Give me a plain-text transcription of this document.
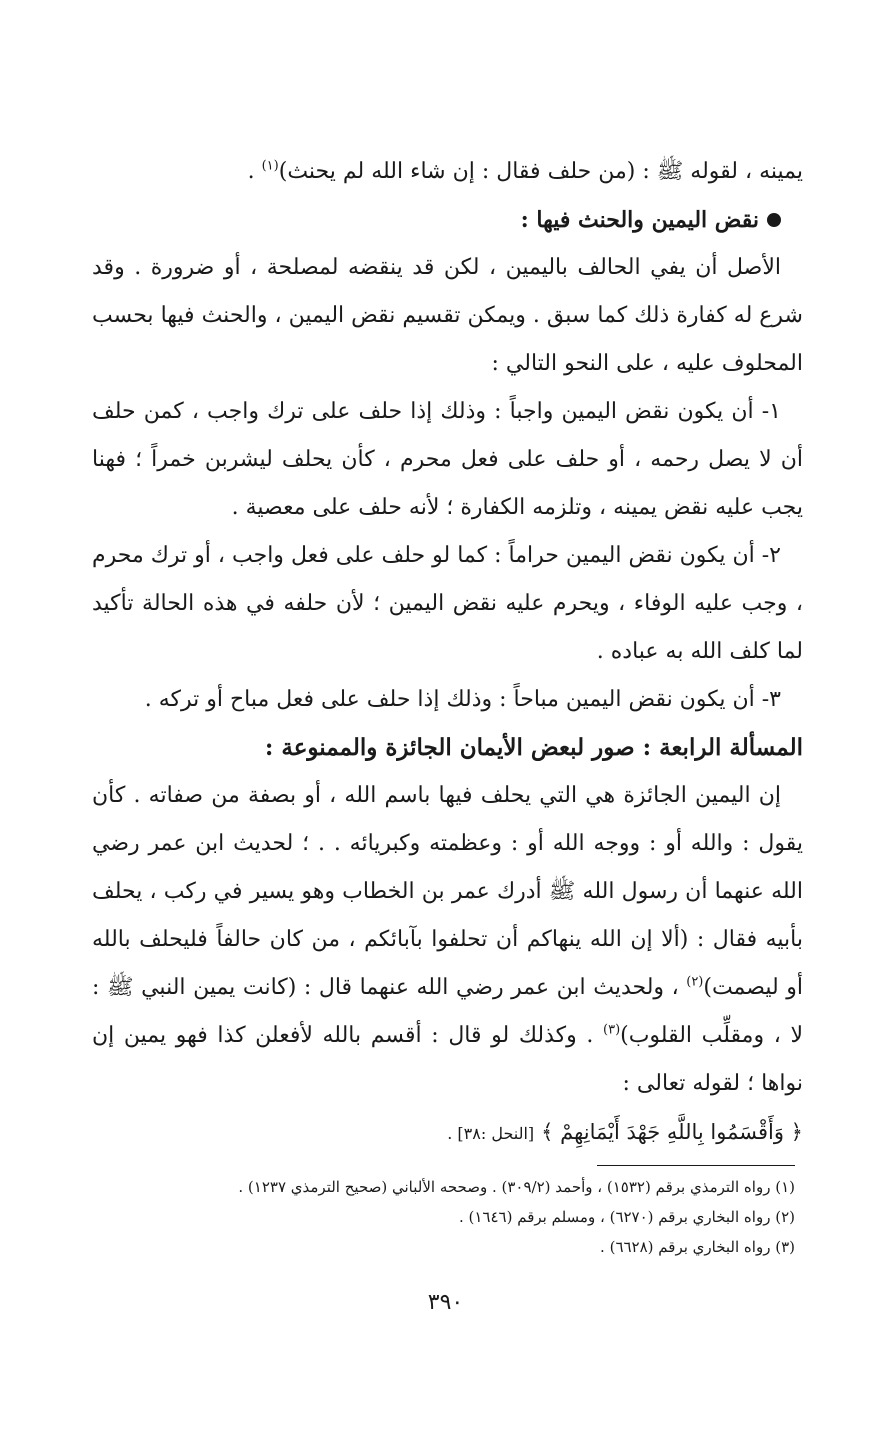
يمينه ، لقوله ﷺ : (من حلف فقال : إن شاء الله لم يحنث)$^{(١)}$ .

نقض اليمين والحنث فيها :

الأصل أن يفي الحالف باليمين ، لكن قد ينقضه لمصلحة ، أو ضرورة . وقد شرع له كفارة ذلك كما سبق . ويمكن تقسيم نقض اليمين ، والحنث فيها بحسب المحلوف عليه ، على النحو التالي :

١- أن يكون نقض اليمين واجباً : وذلك إذا حلف على ترك واجب ، كمن حلف أن لا يصل رحمه ، أو حلف على فعل محرم ، كأن يحلف ليشربن خمراً ؛ فهنا يجب عليه نقض يمينه ، وتلزمه الكفارة ؛ لأنه حلف على معصية .

٢- أن يكون نقض اليمين حراماً : كما لو حلف على فعل واجب ، أو ترك محرم ، وجب عليه الوفاء ، ويحرم عليه نقض اليمين ؛ لأن حلفه في هذه الحالة تأكيد لما كلف الله به عباده .

٣- أن يكون نقض اليمين مباحاً : وذلك إذا حلف على فعل مباح أو تركه .

المسألة الرابعة : صور لبعض الأيمان الجائزة والممنوعة :

إن اليمين الجائزة هي التي يحلف فيها باسم الله ، أو بصفة من صفاته . كأن يقول : والله أو : ووجه الله أو : وعظمته وكبريائه . . ؛ لحديث ابن عمر رضي الله عنهما أن رسول الله ﷺ أدرك عمر بن الخطاب وهو يسير في ركب ، يحلف بأبيه فقال : (ألا إن الله ينهاكم أن تحلفوا بآبائكم ، من كان حالفاً فليحلف بالله أو ليصمت)$^{(٢)}$ ، ولحديث ابن عمر رضي الله عنهما قال : (كانت يمين النبي ﷺ : لا ، ومقلِّب القلوب)$^{(٣)}$ . وكذلك لو قال : أقسم بالله لأفعلن كذا فهو يمين إن نواها ؛ لقوله تعالى :

﴿ وَأَقْسَمُوا بِاللَّهِ جَهْدَ أَيْمَانِهِمْ ﴾ [النحل :٣٨] .

(١) رواه الترمذي برقم (١٥٣٢) ، وأحمد (٣٠٩/٢) . وصححه الألباني (صحيح الترمذي ١٢٣٧) .

(٢) رواه البخاري برقم (٦٢٧٠) ، ومسلم برقم (١٦٤٦) .

(٣) رواه البخاري برقم (٦٦٢٨) .

٣٩٠
